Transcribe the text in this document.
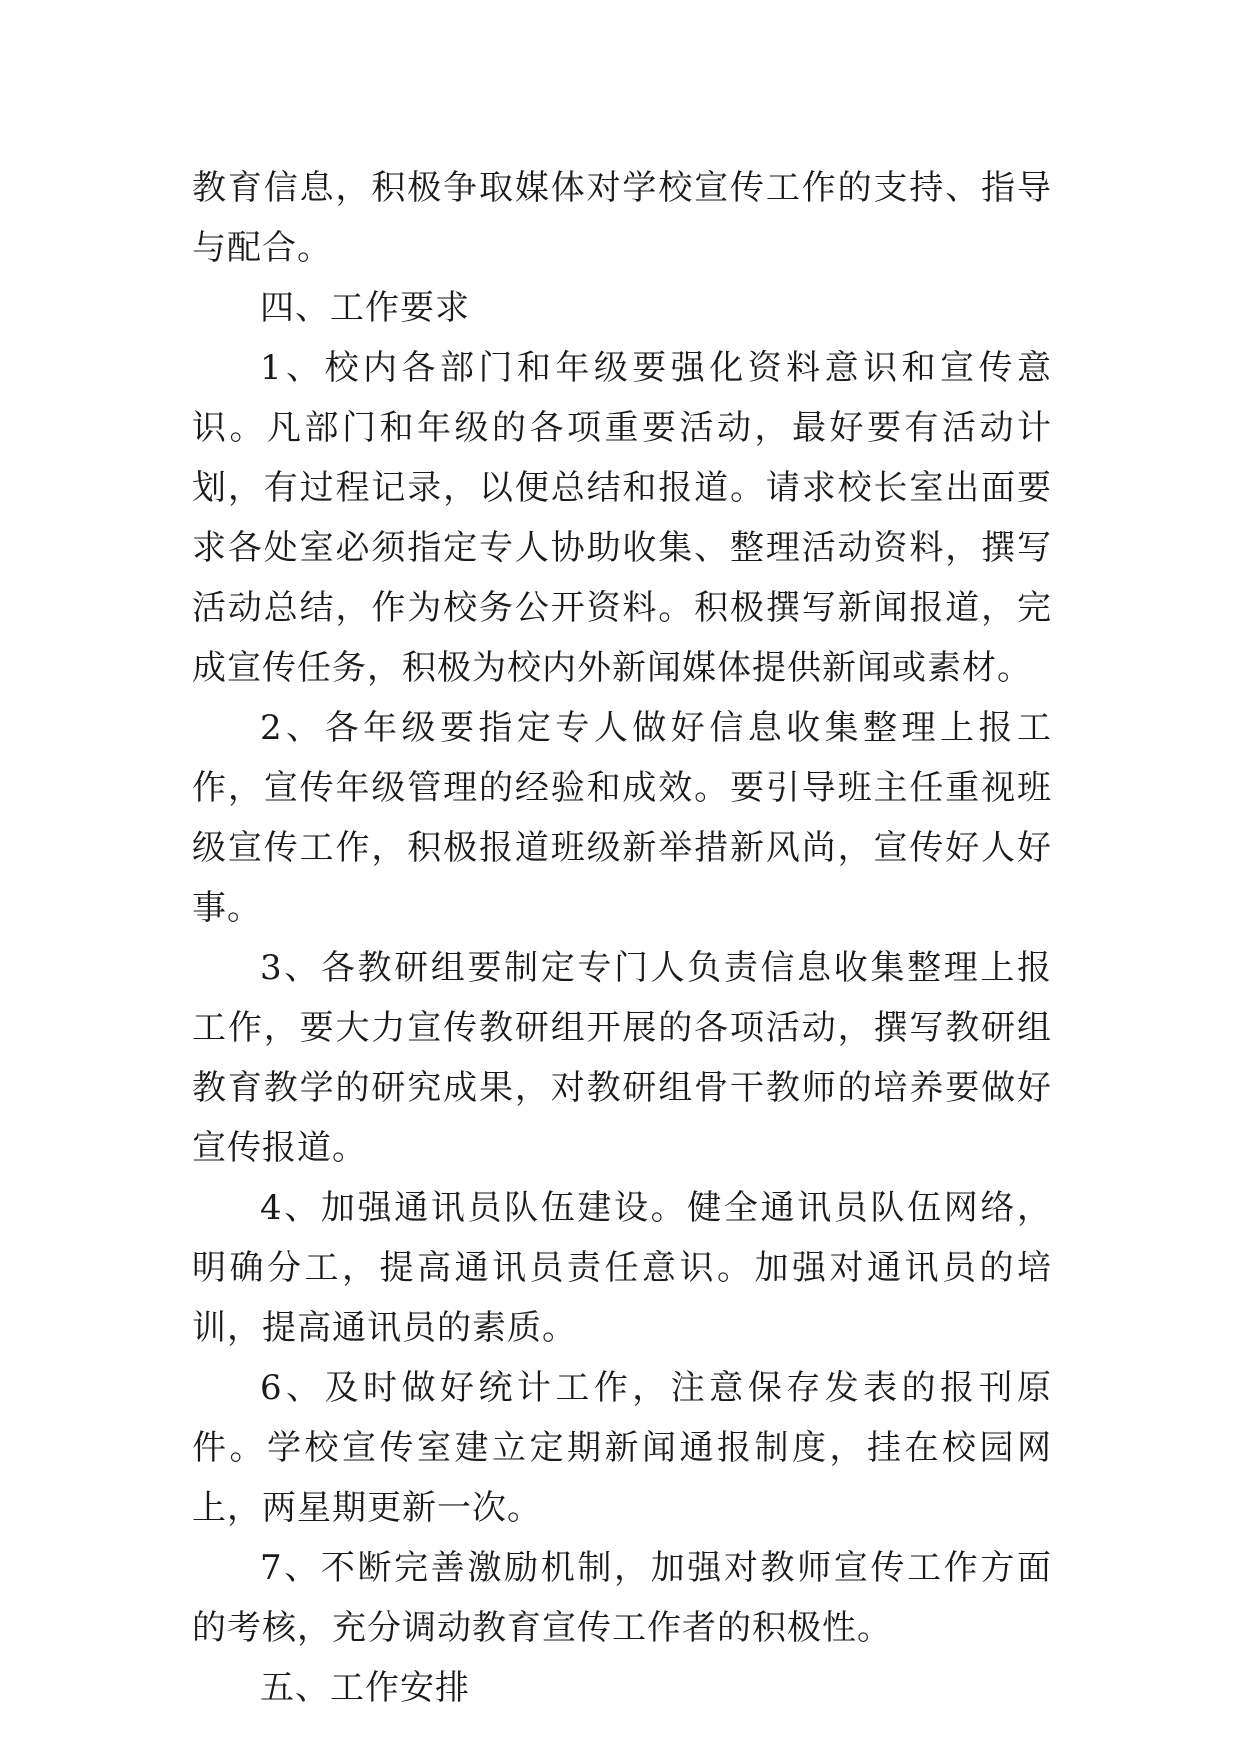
教育信息，积极争取媒体对学校宣传工作的支持、指导与配合。

四、工作要求

1、校内各部门和年级要强化资料意识和宣传意识。凡部门和年级的各项重要活动，最好要有活动计划，有过程记录，以便总结和报道。请求校长室出面要求各处室必须指定专人协助收集、整理活动资料，撰写活动总结，作为校务公开资料。积极撰写新闻报道，完成宣传任务，积极为校内外新闻媒体提供新闻或素材。

2、各年级要指定专人做好信息收集整理上报工作，宣传年级管理的经验和成效。要引导班主任重视班级宣传工作，积极报道班级新举措新风尚，宣传好人好事。

3、各教研组要制定专门人负责信息收集整理上报工作，要大力宣传教研组开展的各项活动，撰写教研组教育教学的研究成果，对教研组骨干教师的培养要做好宣传报道。

4、加强通讯员队伍建设。健全通讯员队伍网络，明确分工，提高通讯员责任意识。加强对通讯员的培训，提高通讯员的素质。

6、及时做好统计工作，注意保存发表的报刊原件。学校宣传室建立定期新闻通报制度，挂在校园网上，两星期更新一次。

7、不断完善激励机制，加强对教师宣传工作方面的考核，充分调动教育宣传工作者的积极性。

五、工作安排
